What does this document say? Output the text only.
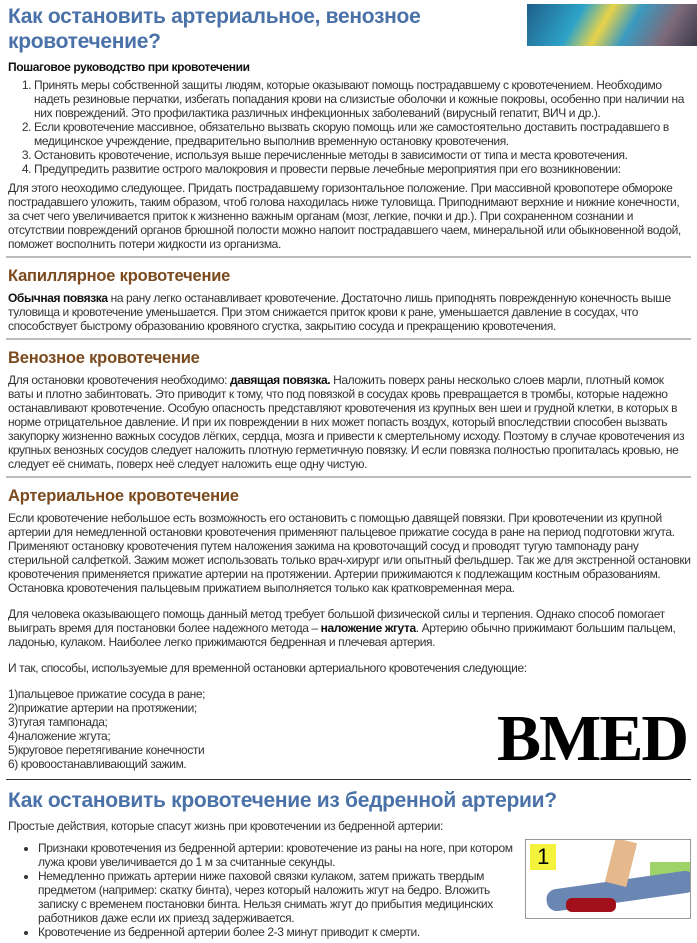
Как остановить артериальное, венозное кровотечение?
Пошаговое руководство при кровотечении
1. Принять меры собственной защиты людям, которые оказывают помощь пострадавшему с кровотечением. Необходимо надеть резиновые перчатки, избегать попадания крови на слизистые оболочки и кожные покровы, особенно при наличии на них повреждений. Это профилактика различных инфекционных заболеваний (вирусный гепатит, ВИЧ и др.).
2. Если кровотечение массивное, обязательно вызвать скорую помощь или же самостоятельно доставить пострадавшего в медицинское учреждение, предварительно выполнив временную остановку кровотечения.
3. Остановить кровотечение, используя выше перечисленные методы в зависимости от типа и места кровотечения.
4. Предупредить развитие острого малокровия и провести первые лечебные мероприятия при его возникновении:

Для этого неоходимо следующее. Придать пострадавшему горизонтальное положение. При массивной кровопотере обмороке пострадавшего уложить, таким образом, чтоб голова находилась ниже туловища. Приподнимают верхние и нижние конечности, за счет чего увеличивается приток к жизненно важным органам (мозг, легкие, почки и др.). При сохраненном сознании и отсутствии повреждений органов брюшной полости можно напоит пострадавшего чаем, минеральной или обыкновенной водой, поможет восполнить потери жидкости из организма.

Капиллярное кровотечение

Обычная повязка на рану легко останавливает кровотечение. Достаточно лишь приподнять поврежденную конечность выше туловища и кровотечение уменьшается. При этом снижается приток крови к ране, уменьшается давление в сосудах, что способствует быстрому образованию кровяного сгустка, закрытию сосуда и прекращению кровотечения.

Венозное кровотечение

Для остановки кровотечения необходимо: давящая повязка. Наложить поверх раны несколько слоев марли, плотный комок ваты и плотно забинтовать. Это приводит к тому, что под повязкой в сосудах кровь превращается в тромбы, которые надежно останавливают кровотечение. Особую опасность представляют кровотечения из крупных вен шеи и грудной клетки, в которых в норме отрицательное давление. И при их повреждении в них может попасть воздух, который впоследствии способен вызвать закупорку жизненно важных сосудов лёгких, сердца, мозга и привести к смертельному исходу. Поэтому в случае кровотечения из крупных венозных сосудов следует наложить плотную герметичную повязку. И если повязка полностью пропиталась кровью, не следует её снимать, поверх неё следует наложить еще одну чистую.

Артериальное кровотечение

Если кровотечение небольшое есть возможность его остановить с помощью давящей повязки. При кровотечении из крупной артерии для немедленной остановки кровотечения применяют пальцевое прижатие сосуда в ране на период подготовки жгута. Применяют остановку кровотечения путем наложения зажима на кровоточащий сосуд и проводят тугую тампонаду рану стерильной салфеткой. Зажим может использовать только врач-хирург или опытный фельдшер. Так же для экстренной остановки кровотечения применяется прижатие артерии на протяжении. Артерии прижимаются к подлежащим костным образованиям. Остановка кровотечения пальцевым прижатием выполняется только как кратковременная мера.

Для человека оказывающего помощь данный метод требует большой физической силы и терпения. Однако способ помогает выиграть время для постановки более надежного метода – наложение жгута. Артерию обычно прижимают большим пальцем, ладонью, кулаком. Наиболее легко прижимаются бедренная и плечевая артерия.

И так, способы, используемые для временной остановки артериального кровотечения следующие:

1)пальцевое прижатие сосуда в ране;
2)прижатие артерии на протяжении;
3)тугая тампонада;
4)наложение жгута;
5)круговое перетягивание конечности
6) кровоостанавливающий зажим.	BMED
Как остановить кровотечение из бедренной артерии?

Простые действия, которые спасут жизнь при кровотечении из бедренной артерии:

1
• Признаки кровотечения из бедренной артерии: кровотечение из раны на ноге, при котором лужа крови увеличивается до 1 м за считанные секунды.
• Немедленно прижать артерии ниже паховой связки кулаком, затем прижать твердым предметом (например: скатку бинта), через который наложить жгут на бедро. Вложить записку с временем постановки бинта. Нельзя снимать жгут до прибытия медицинских работников даже если их приезд задерживается.
• Кровотечение из бедренной артерии более 2-3 минут приводит к смерти.
